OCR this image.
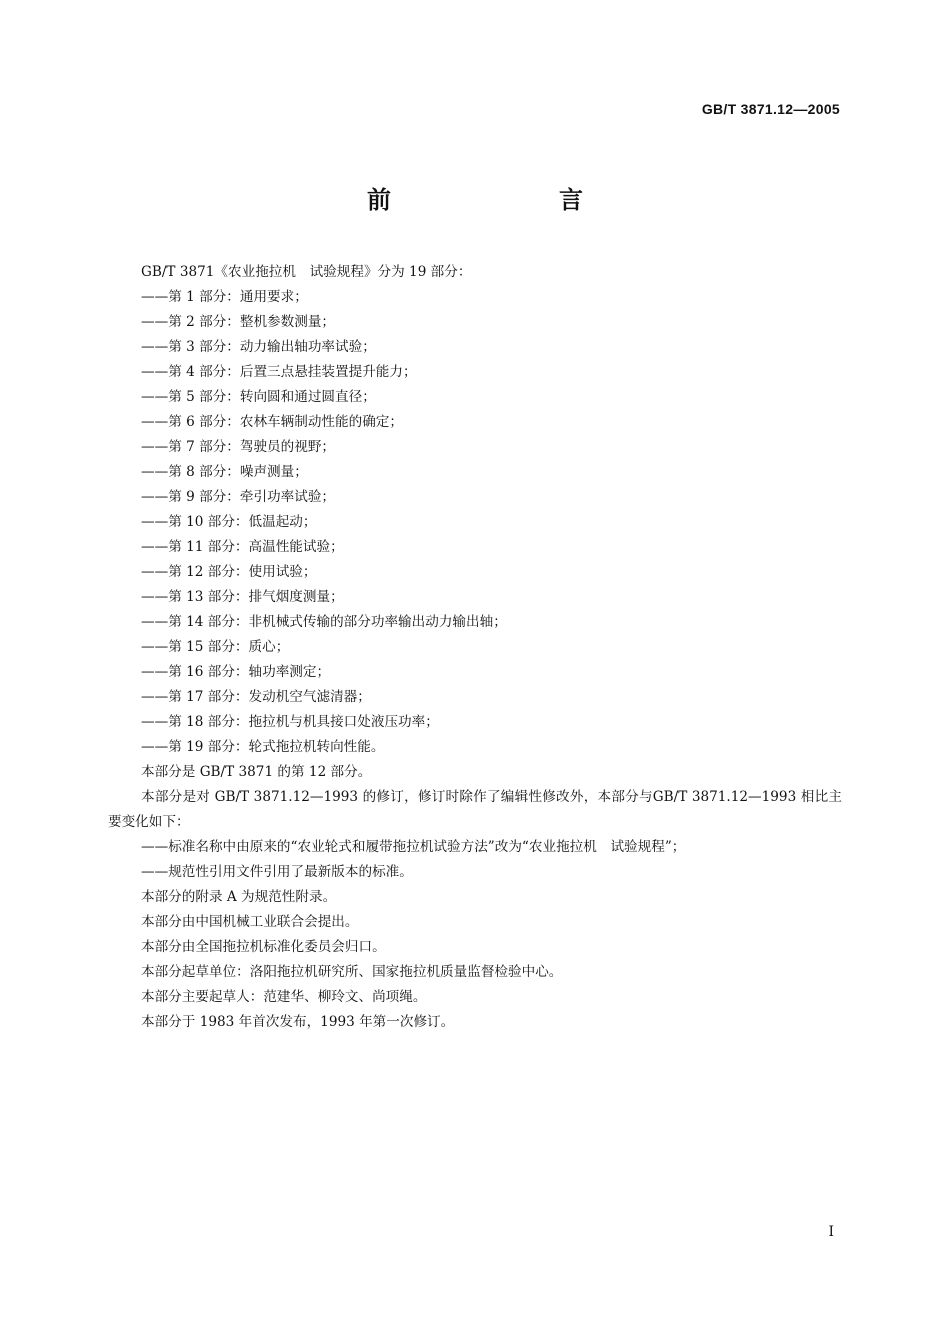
GB/T 3871.12—2005
前　　言

GB/T 3871《农业拖拉机　试验规程》分为 19 部分：

——第 1 部分：通用要求；

——第 2 部分：整机参数测量；

——第 3 部分：动力输出轴功率试验；

——第 4 部分：后置三点悬挂装置提升能力；

——第 5 部分：转向圆和通过圆直径；

——第 6 部分：农林车辆制动性能的确定；

——第 7 部分：驾驶员的视野；

——第 8 部分：噪声测量；

——第 9 部分：牵引功率试验；

——第 10 部分：低温起动；

——第 11 部分：高温性能试验；

——第 12 部分：使用试验；

——第 13 部分：排气烟度测量；

——第 14 部分：非机械式传输的部分功率输出动力输出轴；

——第 15 部分：质心；

——第 16 部分：轴功率测定；

——第 17 部分：发动机空气滤清器；

——第 18 部分：拖拉机与机具接口处液压功率；

——第 19 部分：轮式拖拉机转向性能。

本部分是 GB/T 3871 的第 12 部分。

本部分是对 GB/T 3871.12—1993 的修订，修订时除作了编辑性修改外，本部分与GB/T 3871.12—1993 相比主要变化如下：

——标准名称中由原来的“农业轮式和履带拖拉机试验方法”改为“农业拖拉机　试验规程”；

——规范性引用文件引用了最新版本的标准。

本部分的附录 A 为规范性附录。

本部分由中国机械工业联合会提出。

本部分由全国拖拉机标准化委员会归口。

本部分起草单位：洛阳拖拉机研究所、国家拖拉机质量监督检验中心。

本部分主要起草人：范建华、柳玲文、尚项绳。

本部分于 1983 年首次发布，1993 年第一次修订。

I
